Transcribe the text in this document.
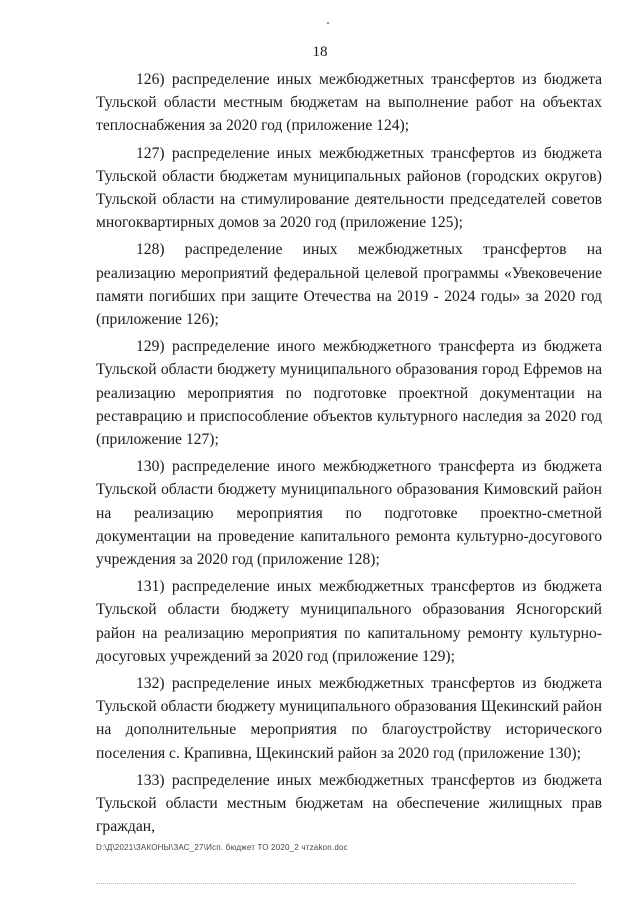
18

126) распределение иных межбюджетных трансфертов из бюджета Тульской области местным бюджетам на выполнение работ на объектах теплоснабжения за 2020 год (приложение 124);

127) распределение иных межбюджетных трансфертов из бюджета Тульской области бюджетам муниципальных районов (городских округов) Тульской области на стимулирование деятельности председателей советов многоквартирных домов за 2020 год (приложение 125);

128) распределение иных межбюджетных трансфертов на реализацию мероприятий федеральной целевой программы «Увековечение памяти погибших при защите Отечества на 2019 - 2024 годы» за 2020 год (приложение 126);

129) распределение иного межбюджетного трансферта из бюджета Тульской области бюджету муниципального образования город Ефремов на реализацию мероприятия по подготовке проектной документации на реставрацию и приспособление объектов культурного наследия за 2020 год (приложение 127);

130) распределение иного межбюджетного трансферта из бюджета Тульской области бюджету муниципального образования Кимовский район на реализацию мероприятия по подготовке проектно-сметной документации на проведение капитального ремонта культурно-досугового учреждения за 2020 год (приложение 128);

131) распределение иных межбюджетных трансфертов из бюджета Тульской области бюджету муниципального образования Ясногорский район на реализацию мероприятия по капитальному ремонту культурно-досуговых учреждений за 2020 год (приложение 129);

132) распределение иных межбюджетных трансфертов из бюджета Тульской области бюджету муниципального образования Щекинский район на дополнительные мероприятия по благоустройству исторического поселения с. Крапивна, Щекинский район за 2020 год (приложение 130);

133) распределение иных межбюджетных трансфертов из бюджета Тульской области местным бюджетам на обеспечение жилищных прав граждан,

D:\Д\2021\ЗАКОНЫ\ЗАС_27\Исп. бюджет ТО 2020_2 чтzakon.doc
